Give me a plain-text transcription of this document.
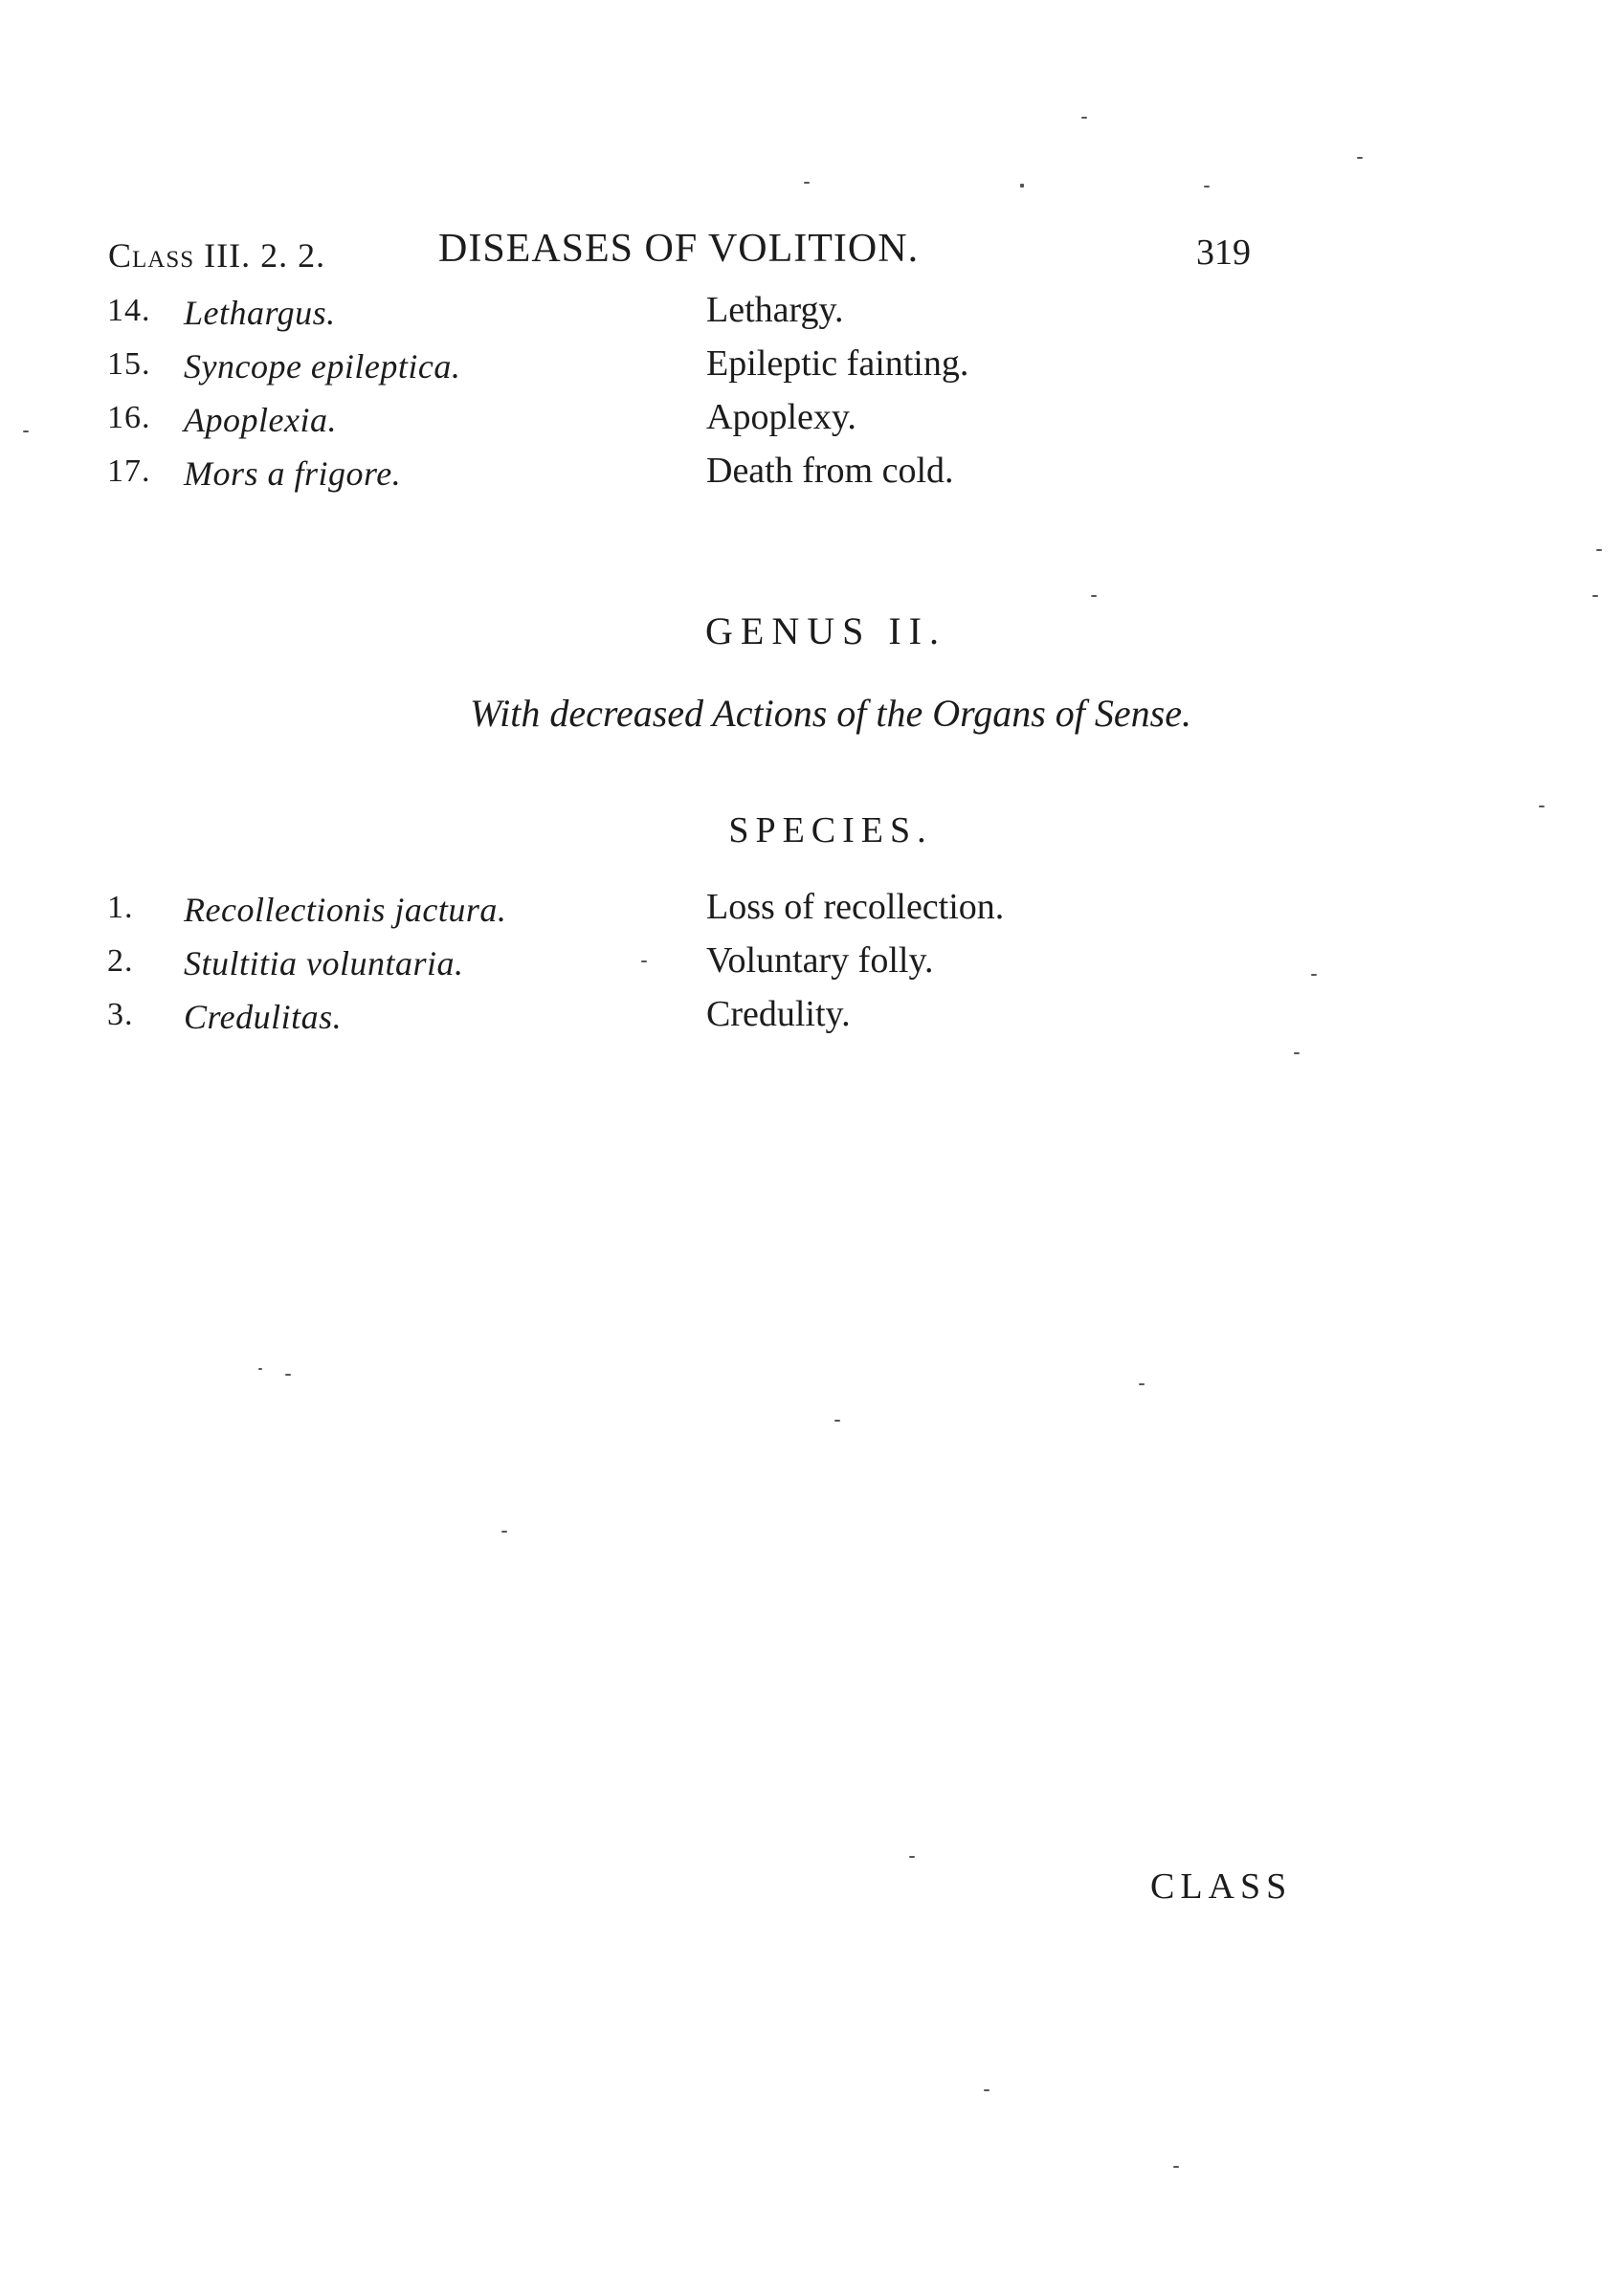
Class III. 2. 2.	DISEASES OF VOLITION.	319
14. Lethargus.	Lethargy.
15. Syncope epileptica.	Epileptic fainting.
16. Apoplexia.	Apoplexy.
17. Mors a frigore.	Death from cold.
GENUS II.
With decreased Actions of the Organs of Sense.
SPECIES.
1. Recollectionis jactura.	Loss of recollection.
2. Stultitia voluntaria.	Voluntary folly.
3. Credulitas.	Credulity.
CLASS
